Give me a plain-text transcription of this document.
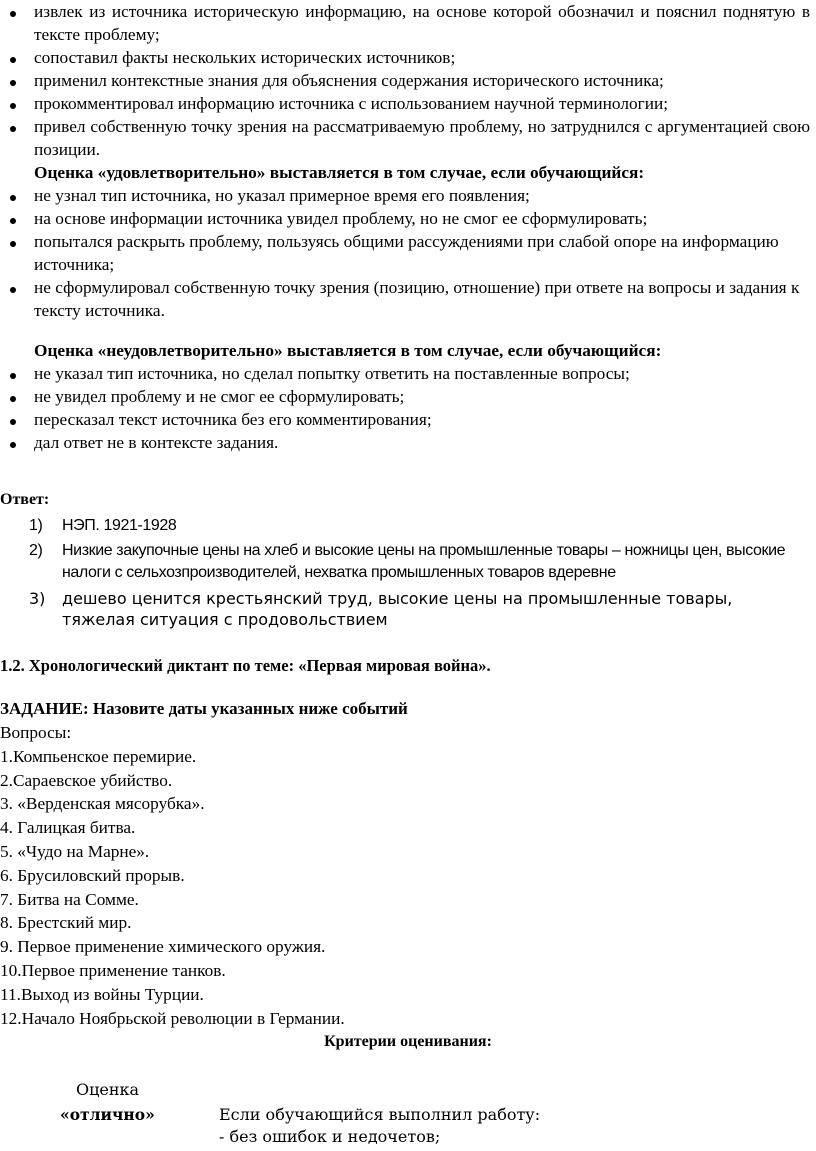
извлек из источника историческую информацию, на основе которой обозначил и пояснил поднятую в тексте проблему;
сопоставил факты нескольких исторических источников;
применил контекстные знания для объяснения содержания исторического источника;
прокомментировал информацию источника с использованием научной терминологии;
привел собственную точку зрения на рассматриваемую проблему, но затруднился с аргументацией свою позиции.
Оценка «удовлетворительно» выставляется в том случае, если обучающийся:
не узнал тип источника, но указал примерное время его появления;
на основе информации источника увидел проблему, но не смог ее сформулировать;
попытался раскрыть проблему, пользуясь общими рассуждениями при слабой опоре на информацию источника;
не сформулировал собственную точку зрения (позицию, отношение) при ответе на вопросы и задания к тексту источника.
Оценка «неудовлетворительно» выставляется в том случае, если обучающийся:
не указал тип источника, но сделал попытку ответить на поставленные вопросы;
не увидел проблему и не смог ее сформулировать;
пересказал текст источника без его комментирования;
дал ответ не в контексте задания.
Ответ:
1) НЭП. 1921-1928
2) Низкие закупочные цены на хлеб и высокие цены на промышленные товары – ножницы цен, высокие налоги с сельхозпроизводителей, нехватка промышленных товаров вдеревне
3) дешево ценится крестьянский труд, высокие цены на промышленные товары, тяжелая ситуация с продовольствием
1.2. Хронологический диктант по теме: «Первая мировая война».
ЗАДАНИЕ: Назовите даты указанных ниже событий
Вопросы:
1.Компьенское перемирие.
2.Сараевское убийство.
3. «Верденская мясорубка».
4. Галицкая битва.
5. «Чудо на Марне».
6. Брусиловский прорыв.
7. Битва на Сомме.
8. Брестский мир.
9. Первое применение химического оружия.
10.Первое применение танков.
11.Выход из войны Турции.
12.Начало Ноябрьской революции в Германии.
Критерии оценивания:
Оценка
«отлично»	Если обучающийся выполнил работу:
- без ошибок и недочетов;
